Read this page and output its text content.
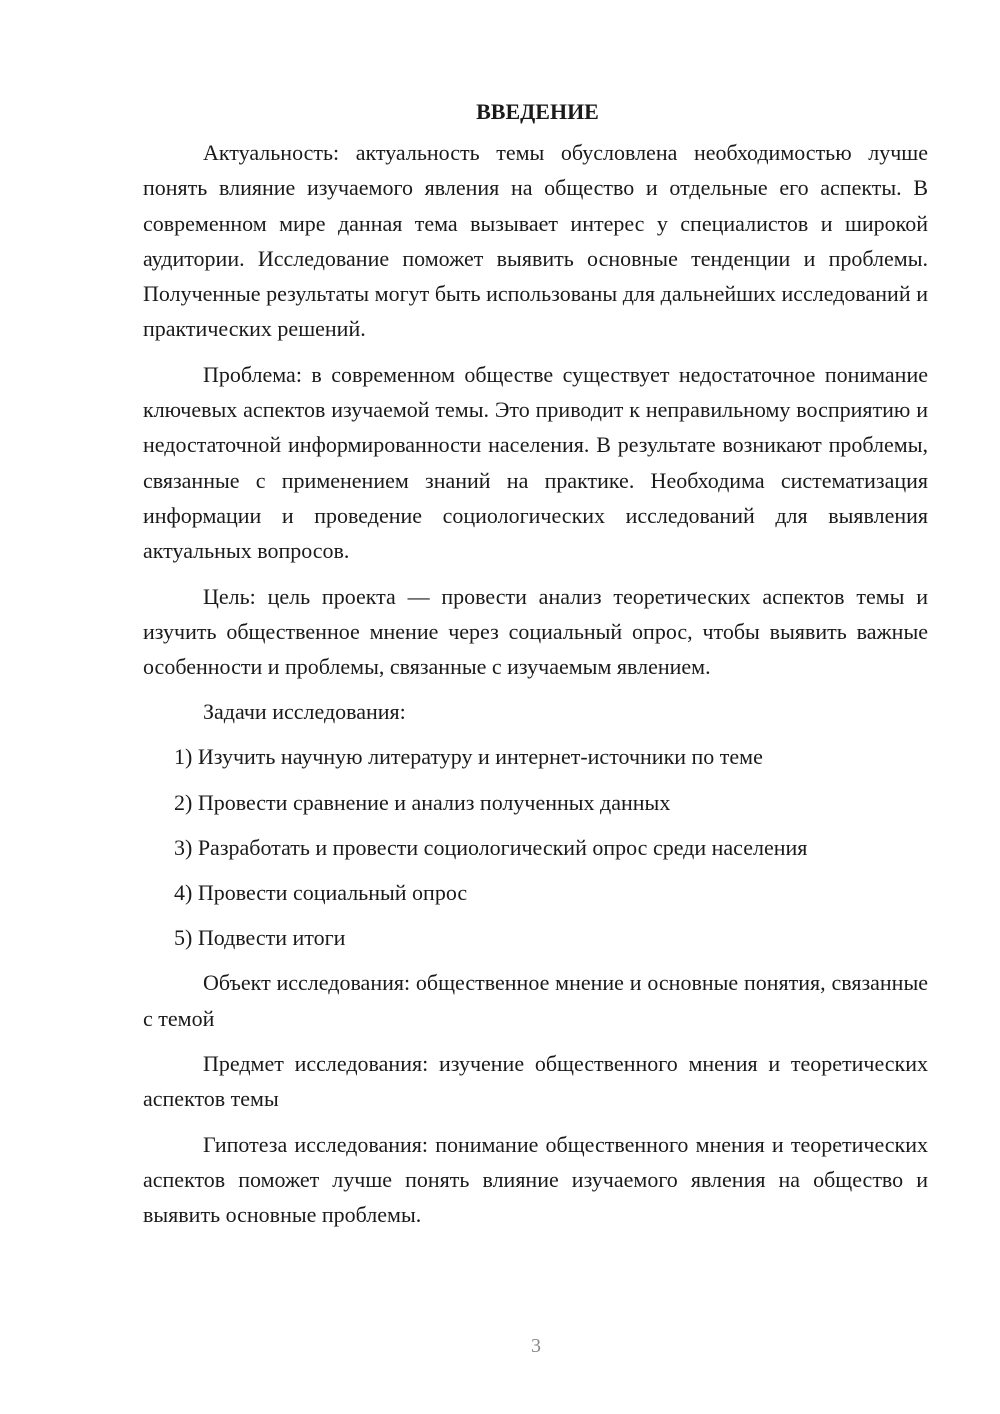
ВВЕДЕНИЕ

Актуальность: актуальность темы обусловлена необходимостью лучше понять влияние изучаемого явления на общество и отдельные его аспекты. В современном мире данная тема вызывает интерес у специалистов и широкой аудитории. Исследование поможет выявить основные тенденции и проблемы. Полученные результаты могут быть использованы для дальнейших исследований и практических решений.

Проблема: в современном обществе существует недостаточное понимание ключевых аспектов изучаемой темы. Это приводит к неправильному восприятию и недостаточной информированности населения. В результате возникают проблемы, связанные с применением знаний на практике. Необходима систематизация информации и проведение социологических исследований для выявления актуальных вопросов.

Цель: цель проекта — провести анализ теоретических аспектов темы и изучить общественное мнение через социальный опрос, чтобы выявить важные особенности и проблемы, связанные с изучаемым явлением.

Задачи исследования:
1) Изучить научную литературу и интернет-источники по теме
2) Провести сравнение и анализ полученных данных
3) Разработать и провести социологический опрос среди населения
4) Провести социальный опрос
5) Подвести итоги

Объект исследования: общественное мнение и основные понятия, связанные с темой

Предмет исследования: изучение общественного мнения и теоретических аспектов темы

Гипотеза исследования: понимание общественного мнения и теоретических аспектов поможет лучше понять влияние изучаемого явления на общество и выявить основные проблемы.

3
